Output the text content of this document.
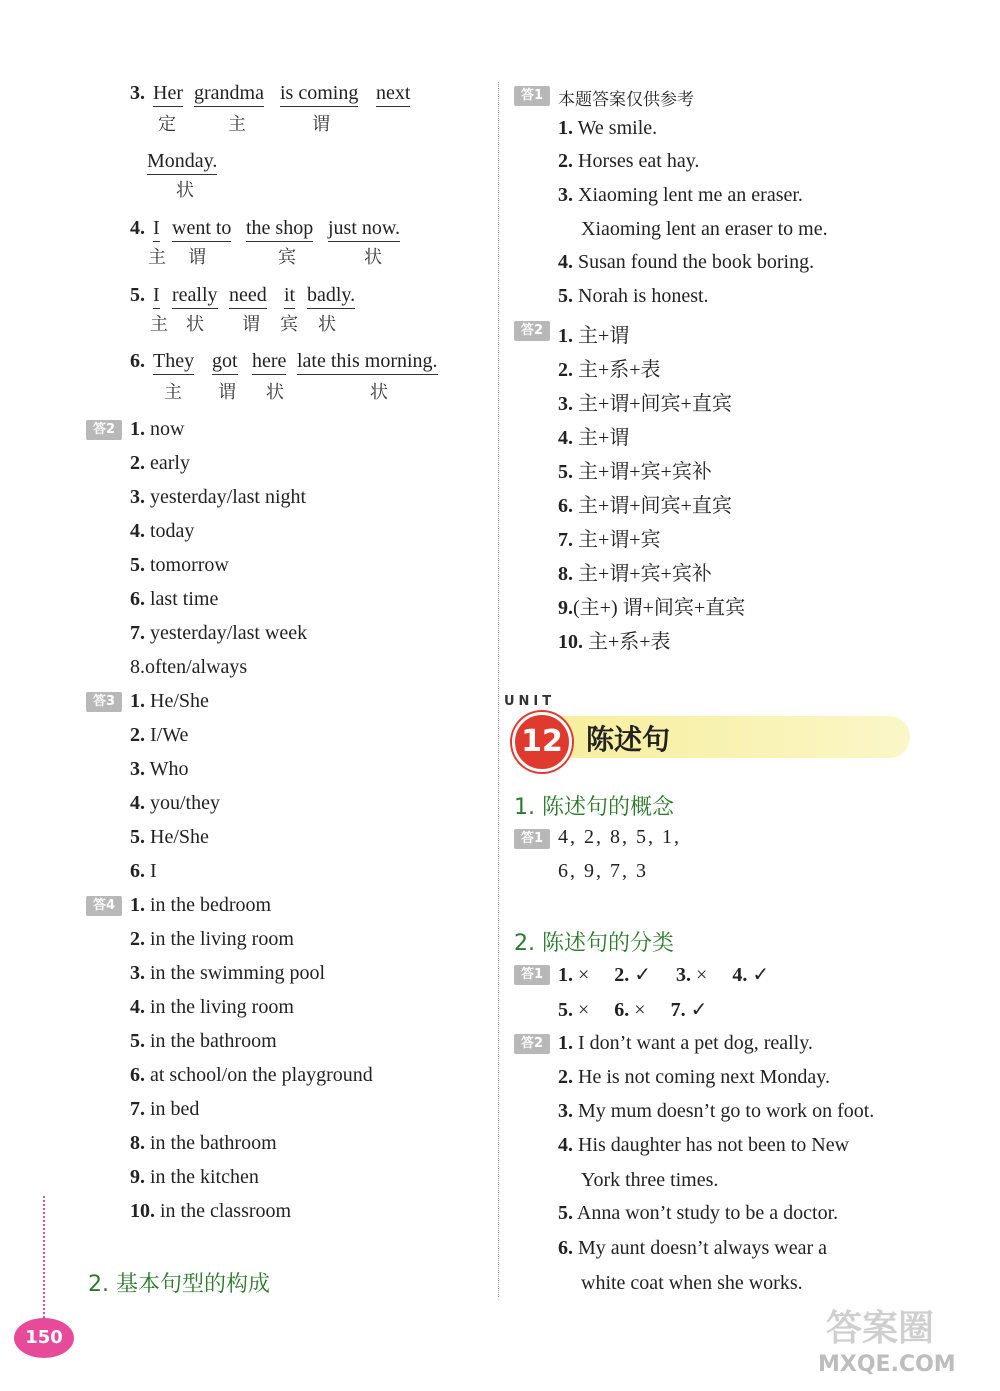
3. Her grandma is coming next
定	主	谓
Monday.
状
4. I went to the shop just now.
主 谓	宾	状
5. I really need it badly.
主 状 谓 宾 状
6. They got here late this morning.
主 谓 状	状
答2 1. now
2. early
3. yesterday/last night
4. today
5. tomorrow
6. last time
7. yesterday/last week
8.often/always
答3 1. He/She
2. I/We
3. Who
4. you/they
5. He/She
6. I
答4 1. in the bedroom
2. in the living room
3. in the swimming pool
4. in the living room
5. in the bathroom
6. at school/on the playground
7. in bed
8. in the bathroom
9. in the kitchen
10. in the classroom
2. 基本句型的构成
答1 本题答案仅供参考
1. We smile.
2. Horses eat hay.
3. Xiaoming lent me an eraser.
Xiaoming lent an eraser to me.
4. Susan found the book boring.
5. Norah is honest.
答2 1. 主+谓
2. 主+系+表
3. 主+谓+间宾+直宾
4. 主+谓
5. 主+谓+宾+宾补
6. 主+谓+间宾+直宾
7. 主+谓+宾
8. 主+谓+宾+宾补
9.(主+) 谓+间宾+直宾
10. 主+系+表
UNIT
12 陈述句
1. 陈述句的概念
答1 4, 2, 8, 5, 1,
6, 9, 7, 3
2. 陈述句的分类
答1 1. × 2. ✓ 3. × 4. ✓
5. × 6. × 7. ✓
答2 1. I don’t want a pet dog, really.
2. He is not coming next Monday.
3. My mum doesn’t go to work on foot.
4. His daughter has not been to New
York three times.
5. Anna won’t study to be a doctor.
6. My aunt doesn’t always wear a
white coat when she works.
150	答案圈
MXQE.COM
